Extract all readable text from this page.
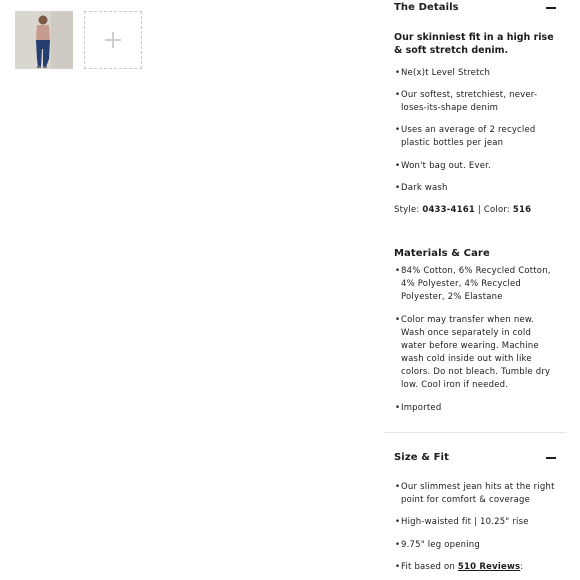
The Details
Our skinniest fit in a high rise & soft stretch denim.
• Ne(x)t Level Stretch
• Our softest, stretchiest, never-loses-its-shape denim
• Uses an average of 2 recycled plastic bottles per jean
• Won't bag out. Ever.
• Dark wash
Style: 0433-4161 | Color: 516
Materials & Care
• 84% Cotton, 6% Recycled Cotton, 4% Polyester, 4% Recycled Polyester, 2% Elastane
• Color may transfer when new. Wash once separately in cold water before wearing. Machine wash cold inside out with like colors. Do not bleach. Tumble dry low. Cool iron if needed.
• Imported
Size & Fit
• Our slimmest jean hits at the right point for comfort & coverage
• High-waisted fit | 10.25" rise
• 9.75" leg opening
• Fit based on 510 Reviews:
